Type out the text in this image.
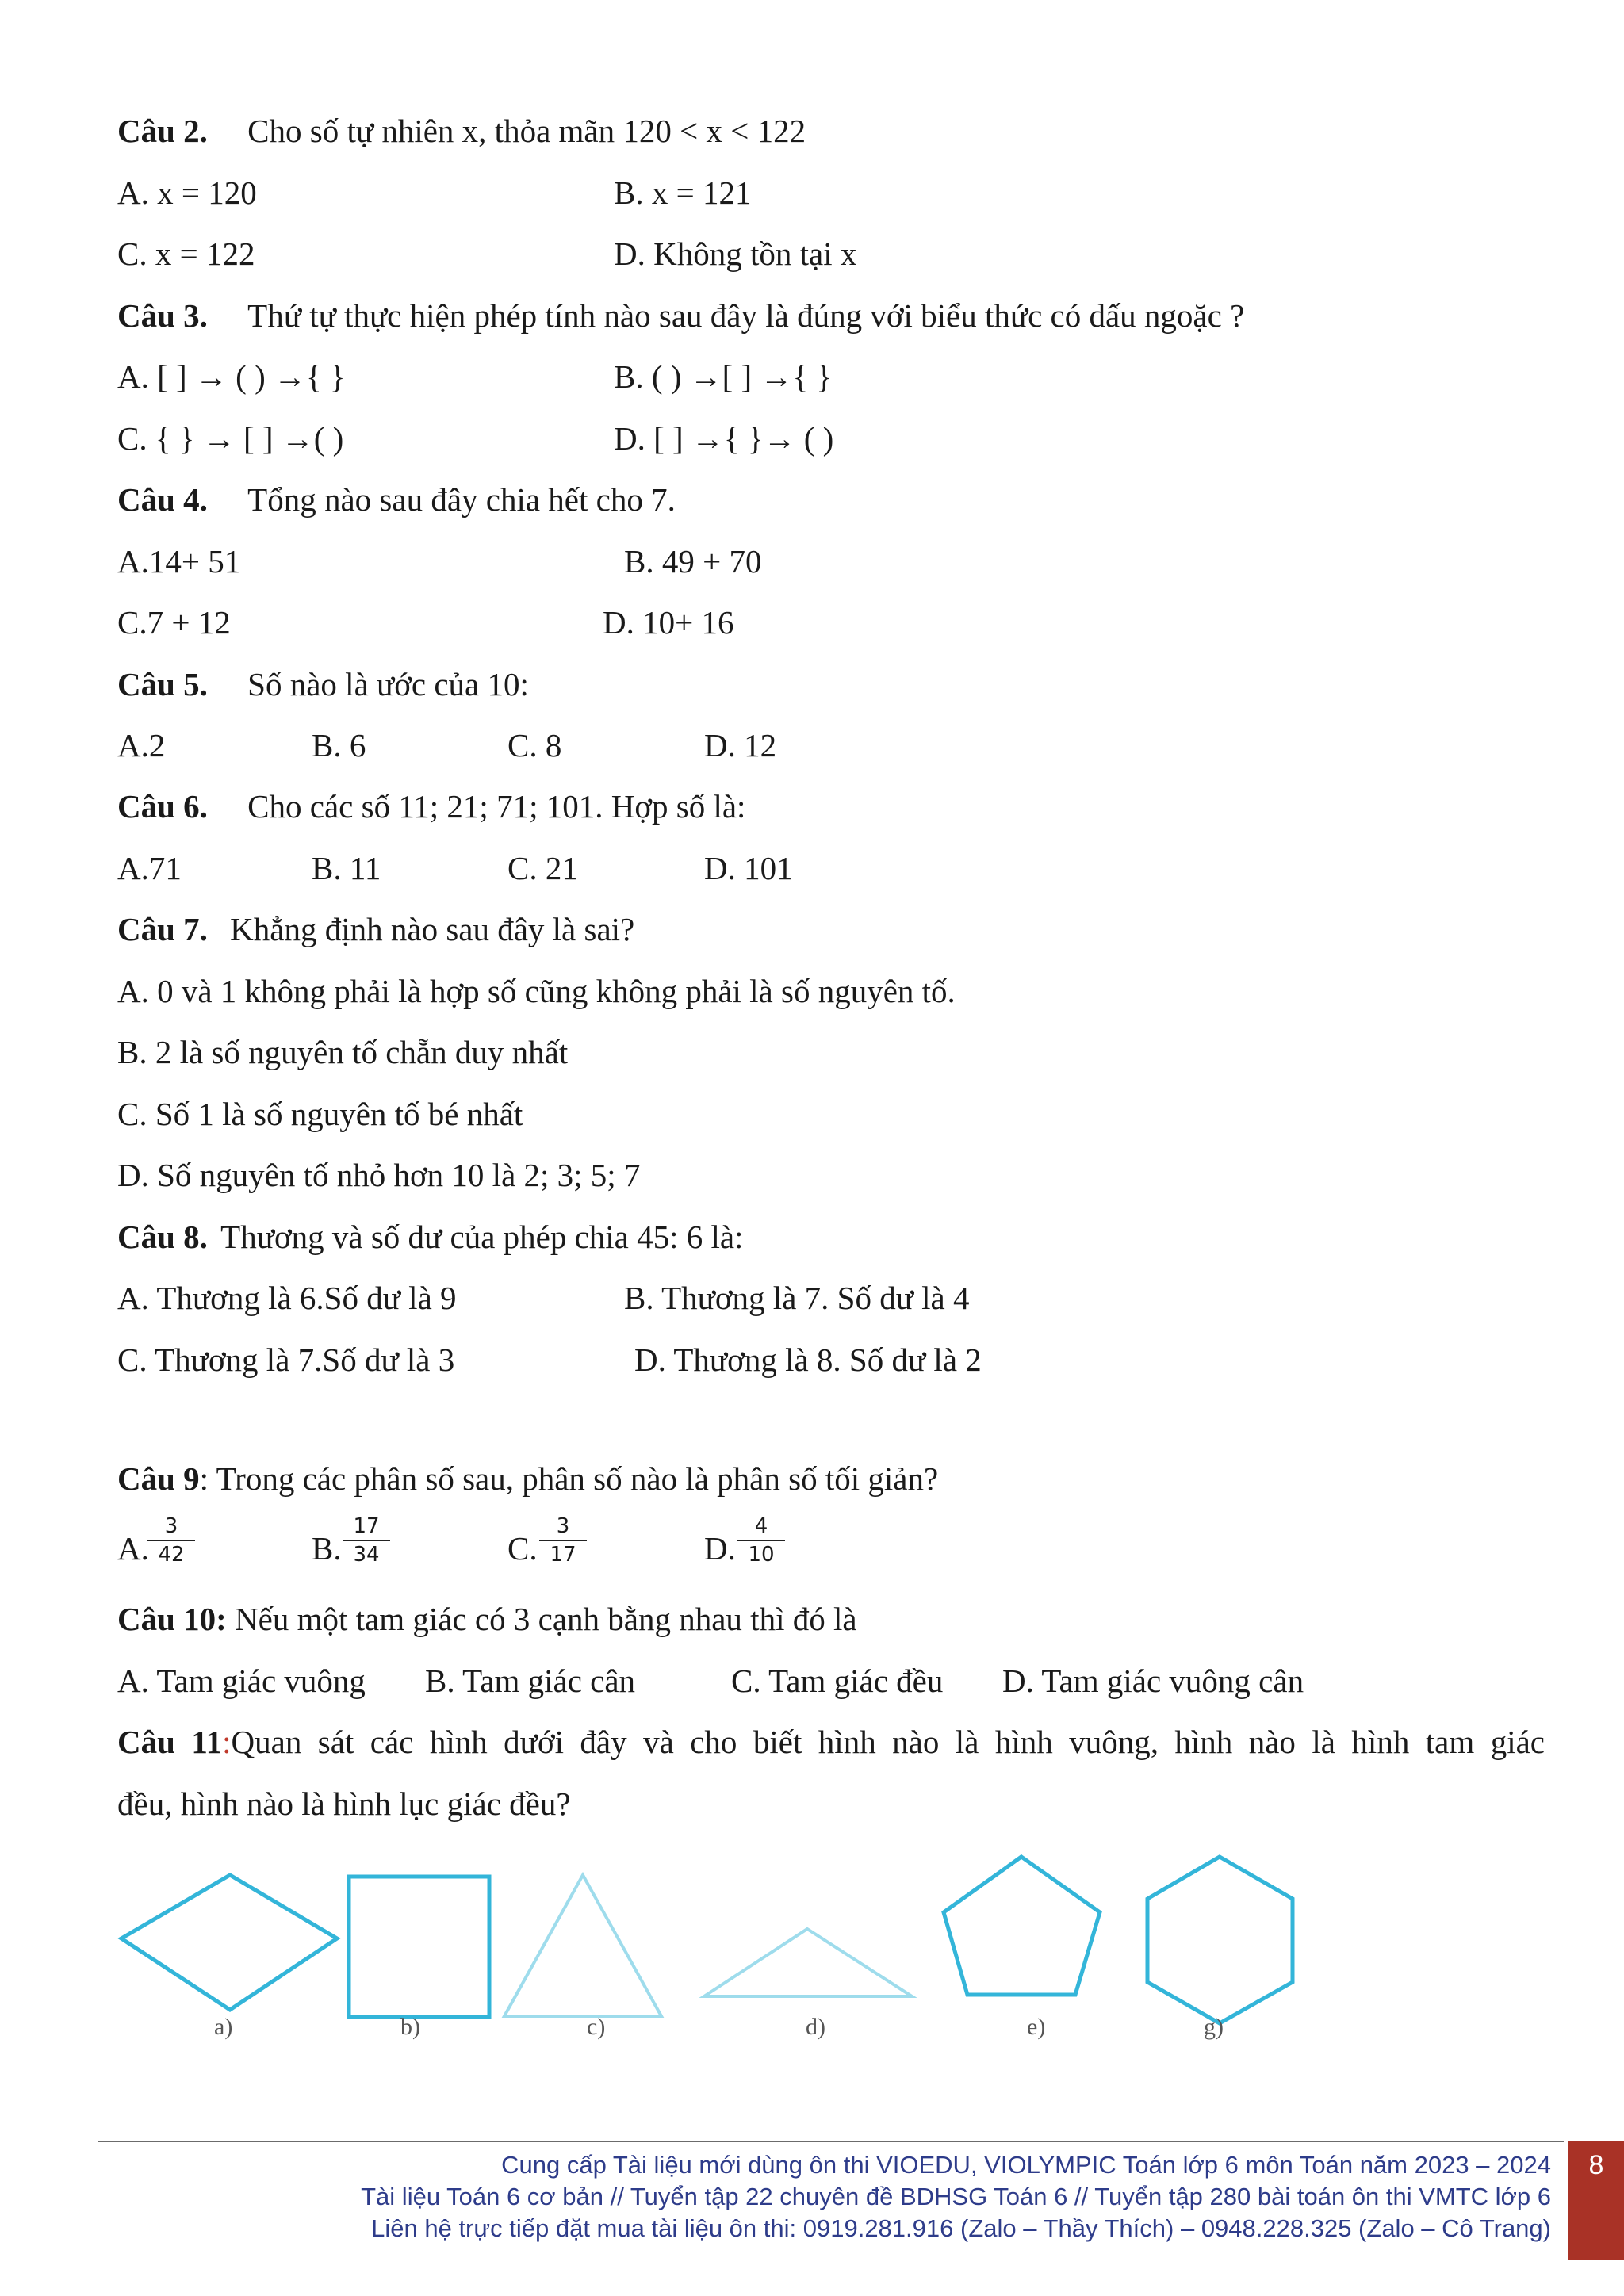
Câu 2. Cho số tự nhiên x, thỏa mãn 120 < x < 122
A. x = 120	B. x = 121
C. x = 122	D. Không tồn tại x
Câu 3. Thứ tự thực hiện phép tính nào sau đây là đúng với biểu thức có dấu ngoặc ?
A. [ ] → ( ) →{ }	B. ( ) →[ ] →{ }
C. { } → [ ] →( )	D. [ ] →{ }→ ( )
Câu 4. Tổng nào sau đây chia hết cho 7.
A.14+ 51	B. 49 + 70
C.7 + 12	D. 10+ 16
Câu 5. Số nào là ước của 10:
A.2	B. 6	C. 8	D. 12
Câu 6. Cho các số 11; 21; 71; 101. Hợp số là:
A.71	B. 11	C. 21	D. 101
Câu 7. Khẳng định nào sau đây là sai?
A. 0 và 1 không phải là hợp số cũng không phải là số nguyên tố.
B. 2 là số nguyên tố chẵn duy nhất
C. Số 1 là số nguyên tố bé nhất
D. Số nguyên tố nhỏ hơn 10 là 2; 3; 5; 7
Câu 8. Thương và số dư của phép chia 45: 6 là:
A. Thương là 6.Số dư là 9	B. Thương là 7. Số dư là 4
C. Thương là 7.Số dư là 3	D. Thương là 8. Số dư là 2
Câu 9: Trong các phân số sau, phân số nào là phân số tối giản?
A.
$\frac{3}{42}$	B. $\frac{17}{34}$	C. $\frac{3}{17}$	D. $\frac{4}{10}$
Câu 10: Nếu một tam giác có 3 cạnh bằng nhau thì đó là
A. Tam giác vuông B. Tam giác cân	C. Tam giác đều D. Tam giác vuông cân
Câu 11:Quan sát các hình dưới đây và cho biết hình nào là hình vuông, hình nào là hình tam giác
đều, hình nào là hình lục giác đều?
a)	b)	c)	d)	e)	g)
Cung cấp Tài liệu mới dùng ôn thi VIOEDU, VIOLYMPIC Toán lớp 6 môn Toán năm 2023 – 2024
Tài liệu Toán 6 cơ bản // Tuyển tập 22 chuyên đề BDHSG Toán 6 // Tuyển tập 280 bài toán ôn thi VMTC lớp 6
Liên hệ trực tiếp đặt mua tài liệu ôn thi: 0919.281.916 (Zalo – Thầy Thích) – 0948.228.325 (Zalo – Cô Trang)
8
